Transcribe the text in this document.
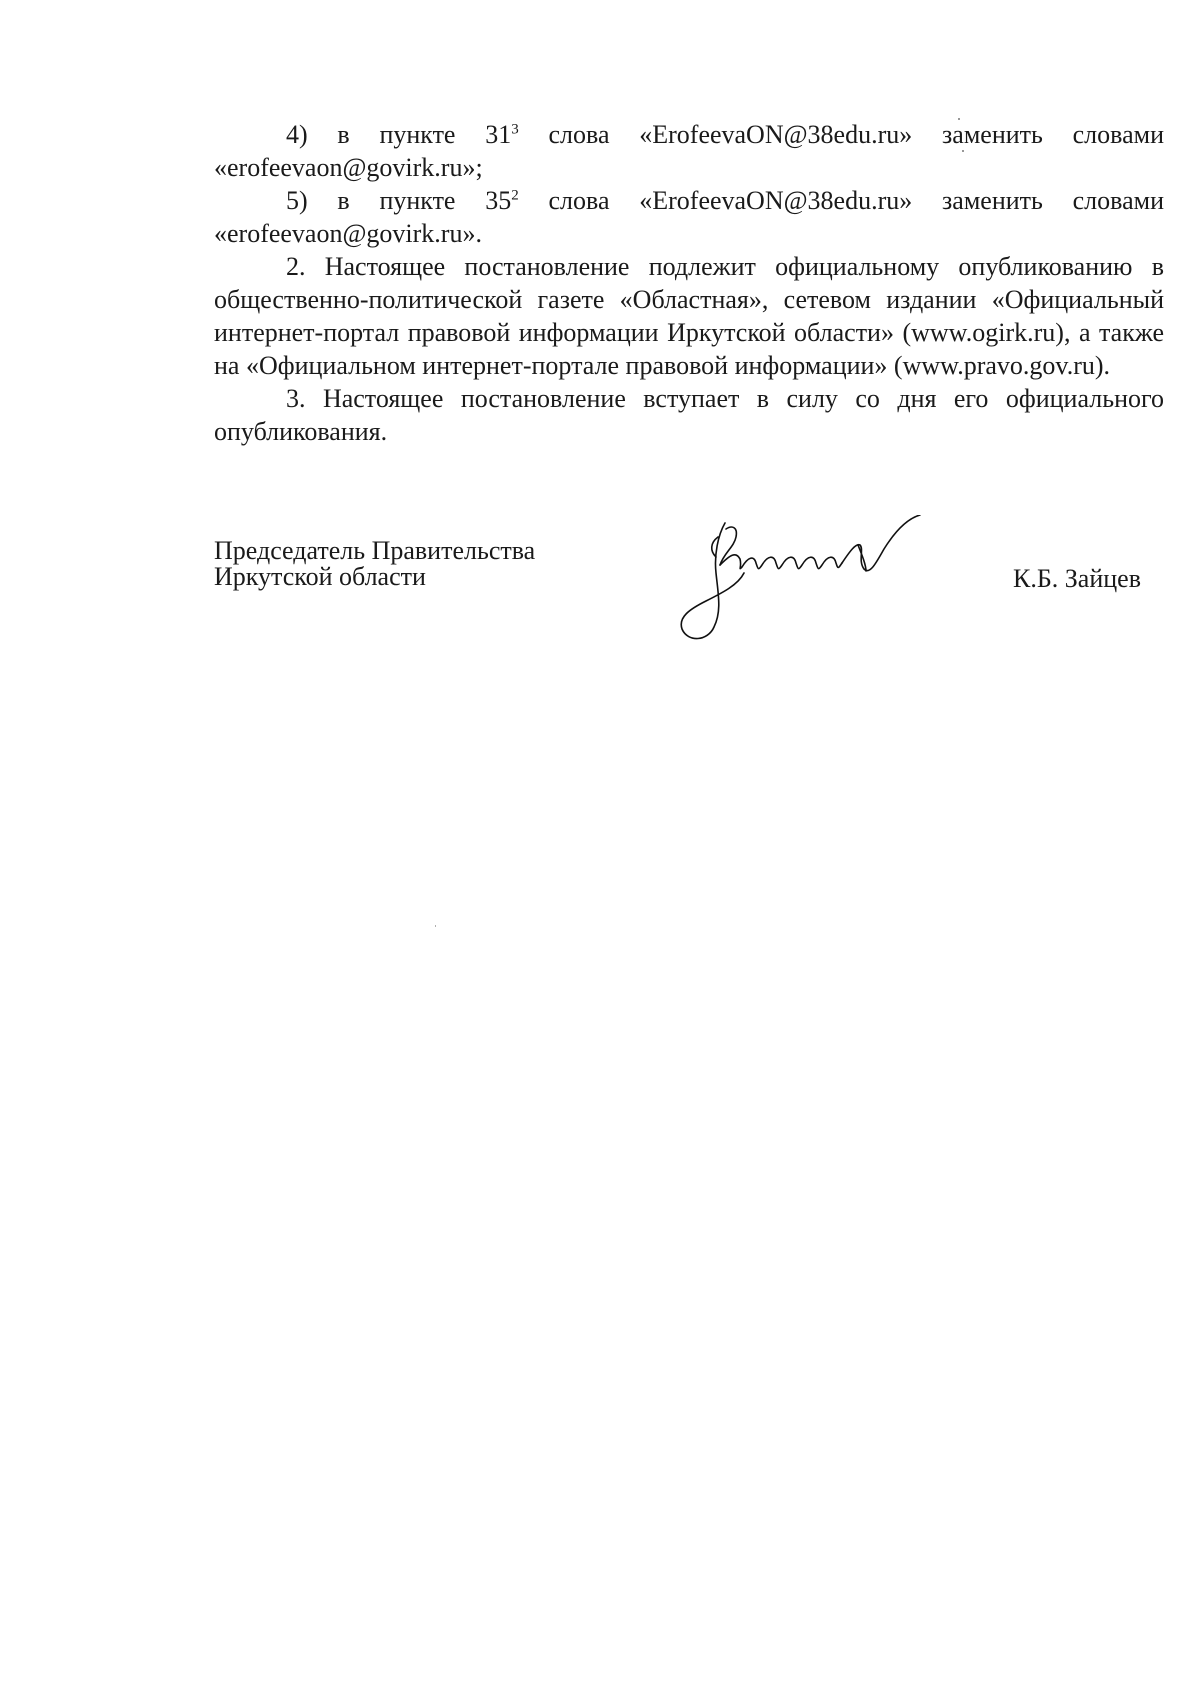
4) в пункте $31^3$ слова «ErofeevaON@38edu.ru» заменить словами «erofeevaon@govirk.ru»;

5) в пункте $35^2$ слова «ErofeevaON@38edu.ru» заменить словами «erofeevaon@govirk.ru».

2. Настоящее постановление подлежит официальному опубликованию в общественно-политической газете «Областная», сетевом издании «Официальный интернет-портал правовой информации Иркутской области» (www.ogirk.ru), а также на «Официальном интернет-портале правовой информации» (www.pravo.gov.ru).

3. Настоящее постановление вступает в силу со дня его официального опубликования.

Председатель Правительства
Иркутской области	К.Б. Зайцев
